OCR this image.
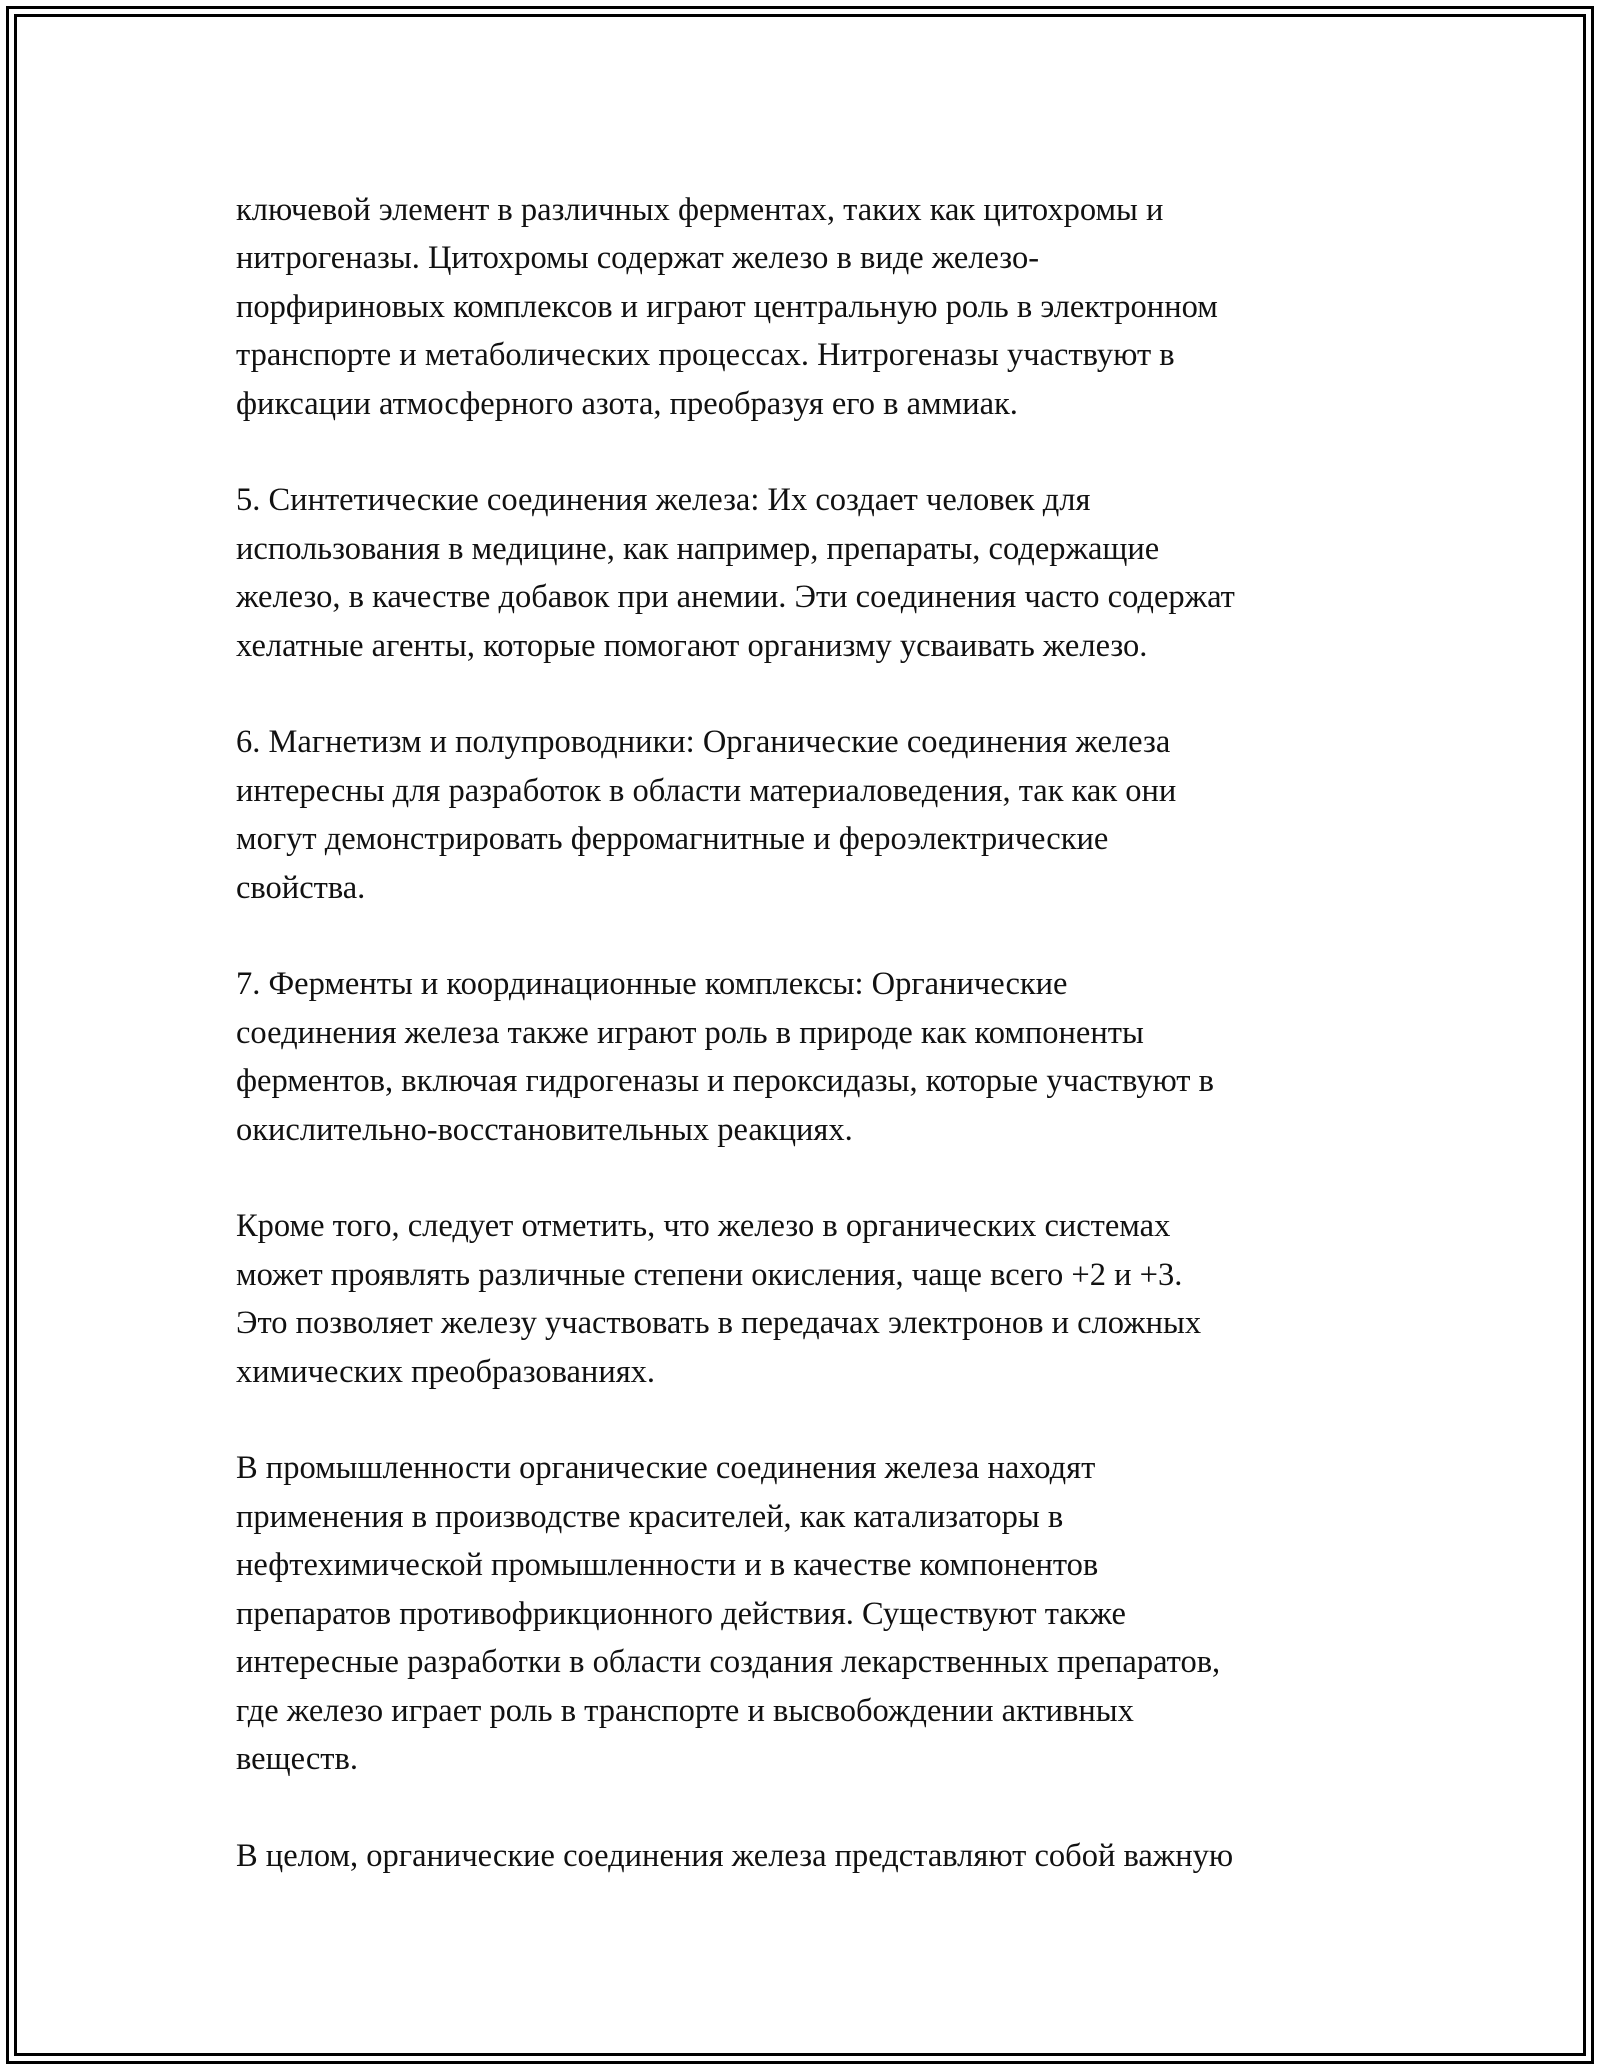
ключевой элемент в различных ферментах, таких как цитохромы и
нитрогеназы. Цитохромы содержат железо в виде железо-
порфириновых комплексов и играют центральную роль в электронном
транспорте и метаболических процессах. Нитрогеназы участвуют в
фиксации атмосферного азота, преобразуя его в аммиак.

5. Синтетические соединения железа: Их создает человек для
использования в медицине, как например, препараты, содержащие
железо, в качестве добавок при анемии. Эти соединения часто содержат
хелатные агенты, которые помогают организму усваивать железо.

6. Магнетизм и полупроводники: Органические соединения железа
интересны для разработок в области материаловедения, так как они
могут демонстрировать ферромагнитные и фероэлектрические
свойства.

7. Ферменты и координационные комплексы: Органические
соединения железа также играют роль в природе как компоненты
ферментов, включая гидрогеназы и пероксидазы, которые участвуют в
окислительно-восстановительных реакциях.

Кроме того, следует отметить, что железо в органических системах
может проявлять различные степени окисления, чаще всего +2 и +3.
Это позволяет железу участвовать в передачах электронов и сложных
химических преобразованиях.

В промышленности органические соединения железа находят
применения в производстве красителей, как катализаторы в
нефтехимической промышленности и в качестве компонентов
препаратов противофрикционного действия. Существуют также
интересные разработки в области создания лекарственных препаратов,
где железо играет роль в транспорте и высвобождении активных
веществ.

В целом, органические соединения железа представляют собой важную
